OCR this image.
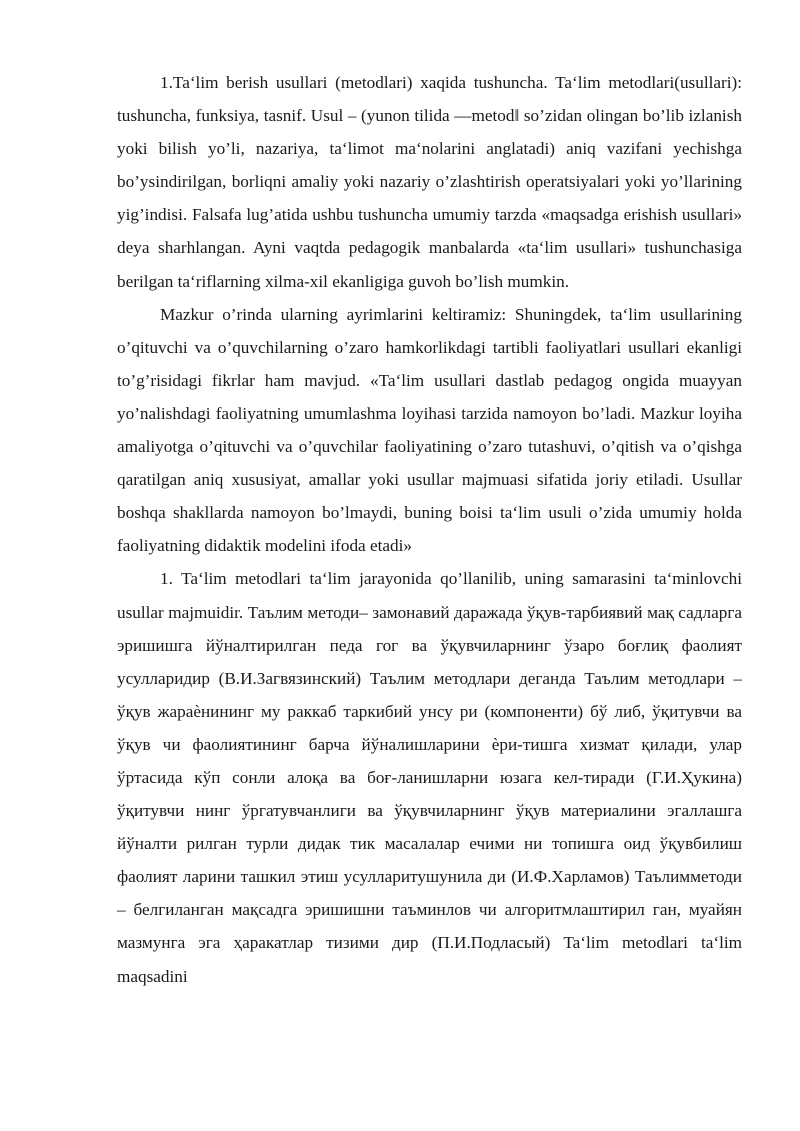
1.Ta‘lim berish usullari (metodlari) xaqida tushuncha. Ta‘lim metodlari(usullari): tushuncha, funksiya, tasnif. Usul – (yunon tilida ―metod‖ so’zidan olingan bo’lib izlanish yoki bilish yo’li, nazariya, ta‘limot ma‘nolarini anglatadi) aniq vazifani yechishga bo’ysindirilgan, borliqni amaliy yoki nazariy o’zlashtirish operatsiyalari yoki yo’llarining yig’indisi. Falsafa lug’atida ushbu tushuncha umumiy tarzda «maqsadga erishish usullari» deya sharhlangan. Ayni vaqtda pedagogik manbalarda «ta‘lim usullari» tushunchasiga berilgan ta‘riflarning xilma-xil ekanligiga guvoh bo’lish mumkin.

Mazkur o’rinda ularning ayrimlarini keltiramiz: Shuningdek, ta‘lim usullarining o’qituvchi va o’quvchilarning o’zaro hamkorlikdagi tartibli faoliyatlari usullari ekanligi to’g’risidagi fikrlar ham mavjud. «Ta‘lim usullari dastlab pedagog ongida muayyan yo’nalishdagi faoliyatning umumlashma loyihasi tarzida namoyon bo’ladi. Mazkur loyiha amaliyotga o’qituvchi va o’quvchilar faoliyatining o’zaro tutashuvi, o’qitish va o’qishga qaratilgan aniq xususiyat, amallar yoki usullar majmuasi sifatida joriy etiladi. Usullar boshqa shakllarda namoyon bo’lmaydi, buning boisi ta‘lim usuli o’zida umumiy holda faoliyatning didaktik modelini ifoda etadi»

1. Ta‘lim metodlari ta‘lim jarayonida qo’llanilib, uning samarasini ta‘minlovchi usullar majmuidir. Таълим методи– замонавий даражада ўқув-тарбиявий мақ садларга эришишга йўналтирилган педа гог ва ўқувчиларнинг ўзаро боғлиқ фаолият усулларидир (В.И.Загвязинский) Таълим методлари деганда Таълим методлари – ўқув жараѐнининг му раккаб таркибий унсу ри (компоненти) бў либ, ўқитувчи ва ўқув чи фаолиятининг барча йўналишларини ѐри-тишга хизмат қилади, улар ўртасида кўп сонли алоқа ва боғ-ланишларни юзага кел-тиради (Г.И.Ҳукина) ўқитувчи нинг ўргатувчанлиги ва ўқувчиларнинг ўқув материалини эгаллашга йўналти рилган турли дидак тик масалалар ечими ни топишга оид ўқувбилиш фаолият ларини ташкил этиш усулларитушунила ди (И.Ф.Харламов) Таълимметоди – белгиланган мақсадга эришишни таъминлов чи алгоритмлаштирил ган, муайян мазмунга эга ҳаракатлар тизими дир (П.И.Подласый) Ta‘lim metodlari ta‘lim maqsadini
